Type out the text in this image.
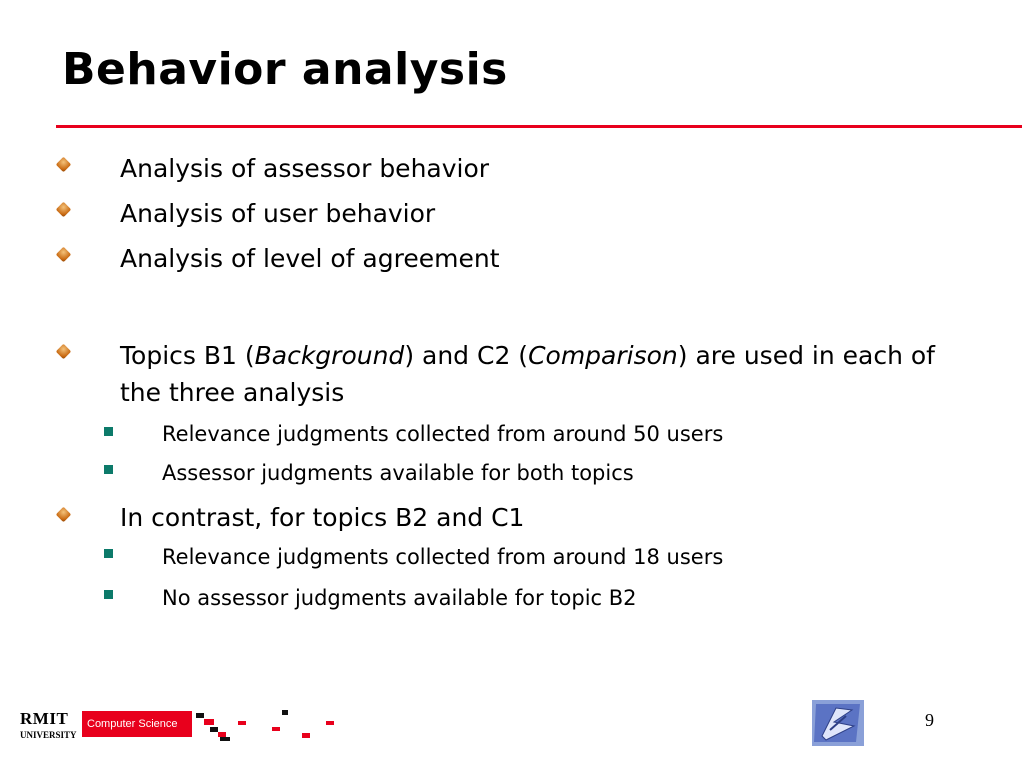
Behavior analysis
Analysis of assessor behavior
Analysis of user behavior
Analysis of level of agreement
Topics B1 (Background) and C2 (Comparison) are used in each of the three analysis
Relevance judgments collected from around 50 users
Assessor judgments available for both topics
In contrast, for topics B2 and C1
Relevance judgments collected from around 18 users
No assessor judgments available for topic B2
RMIT
UNIVERSITY
Computer Science	9
